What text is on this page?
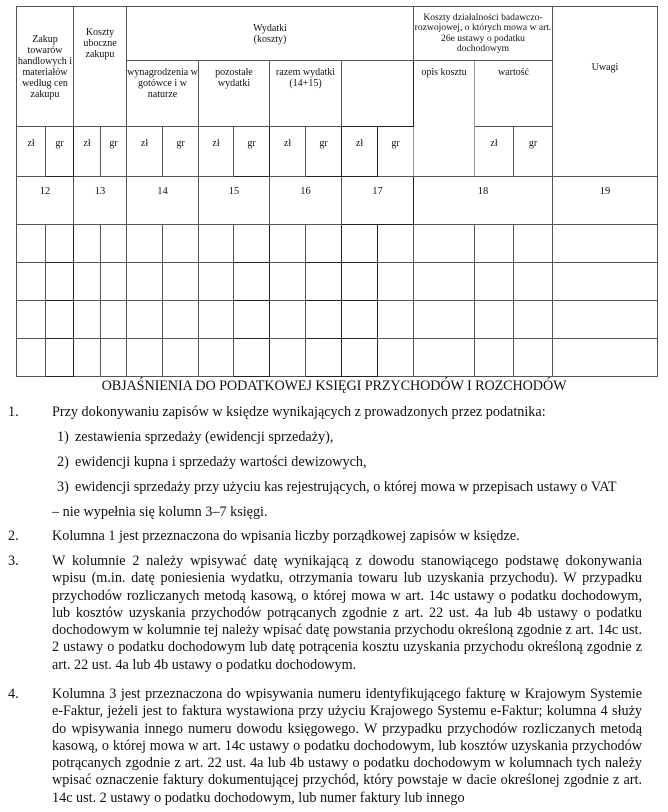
Zakup towarów handlowych i materiałów według cen zakupu		Koszty uboczne zakupu		Wydatki (koszty)								Koszty działalności badawczo-rozwojowej, o których mowa w art. 26e ustawy o podatku dochodowym			Uwagi

				wynagrodzenia w gotówce i w naturze		pozostałe wydatki		razem wydatki (14+15)				opis kosztu	wartość		
zł	gr	zł	gr	zł	gr	zł	gr	zł	gr	zł	gr		zł	gr	
12		13		14		15		16		17		18			19

OBJAŚNIENIA DO PODATKOWEJ KSIĘGI PRZYCHODÓW I ROZCHODÓW
1. Przy dokonywaniu zapisów w księdze wynikających z prowadzonych przez podatnika:
1) zestawienia sprzedaży (ewidencji sprzedaży),
2) ewidencji kupna i sprzedaży wartości dewizowych,
3) ewidencji sprzedaży przy użyciu kas rejestrujących, o której mowa w przepisach ustawy o VAT
– nie wypełnia się kolumn 3–7 księgi.
2. Kolumna 1 jest przeznaczona do wpisania liczby porządkowej zapisów w księdze.
3. W kolumnie 2 należy wpisywać datę wynikającą z dowodu stanowiącego podstawę dokonywania wpisu (m.in. datę poniesienia wydatku, otrzymania towaru lub uzyskania przychodu). W przypadku przychodów rozliczanych metodą kasową, o której mowa w art. 14c ustawy o podatku dochodowym, lub kosztów uzyskania przychodów potrącanych zgodnie z art. 22 ust. 4a lub 4b ustawy o podatku dochodowym w kolumnie tej należy wpisać datę powstania przychodu określoną zgodnie z art. 14c ust. 2 ustawy o podatku dochodowym lub datę potrącenia kosztu uzyskania przychodu określoną zgodnie z art. 22 ust. 4a lub 4b ustawy o podatku dochodowym.
4. Kolumna 3 jest przeznaczona do wpisywania numeru identyfikującego fakturę w Krajowym Systemie e-Faktur, jeżeli jest to faktura wystawiona przy użyciu Krajowego Systemu e-Faktur; kolumna 4 służy do wpisywania innego numeru dowodu księgowego. W przypadku przychodów rozliczanych metodą kasową, o której mowa w art. 14c ustawy o podatku dochodowym, lub kosztów uzyskania przychodów potrącanych zgodnie z art. 22 ust. 4a lub 4b ustawy o podatku dochodowym w kolumnach tych należy wpisać oznaczenie faktury dokumentującej przychód, który powstaje w dacie określonej zgodnie z art. 14c ust. 2 ustawy o podatku dochodowym, lub numer faktury lub innego
